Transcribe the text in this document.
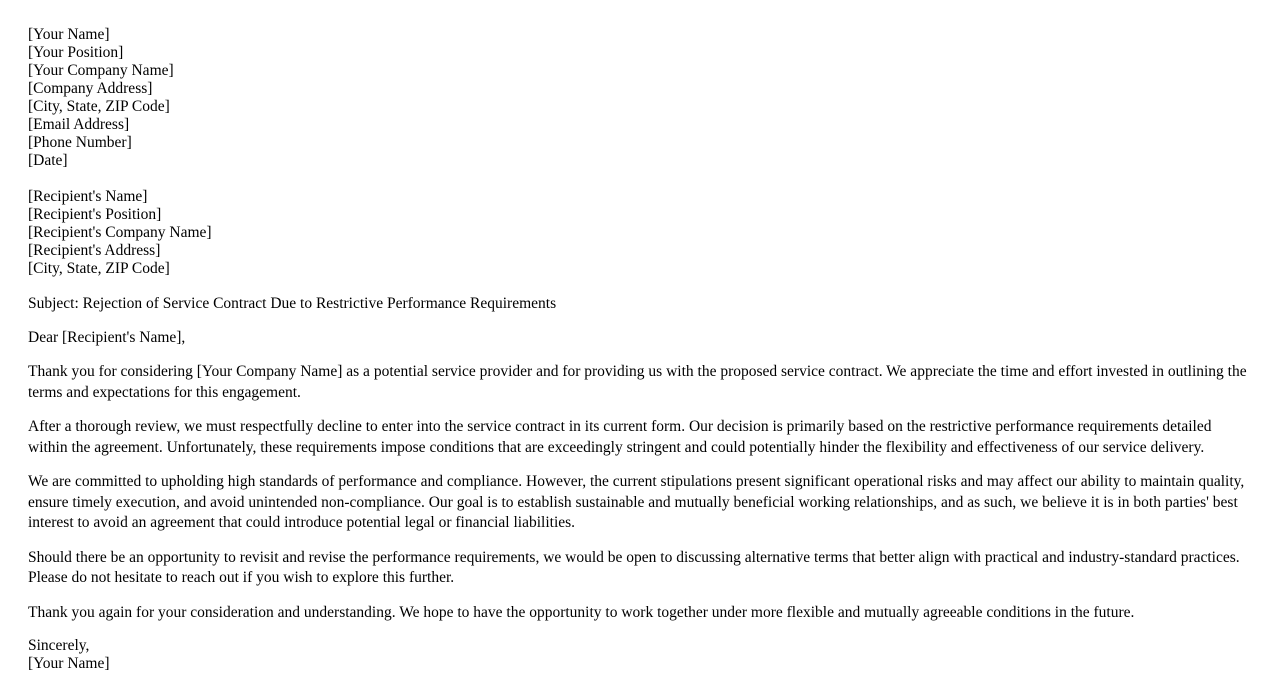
[Your Name]
[Your Position]
[Your Company Name]
[Company Address]
[City, State, ZIP Code]
[Email Address]
[Phone Number]
[Date]
[Recipient's Name]
[Recipient's Position]
[Recipient's Company Name]
[Recipient's Address]
[City, State, ZIP Code]

Subject: Rejection of Service Contract Due to Restrictive Performance Requirements

Dear [Recipient's Name],

Thank you for considering [Your Company Name] as a potential service provider and for providing us with the proposed service contract. We appreciate the time and effort invested in outlining the terms and expectations for this engagement.

After a thorough review, we must respectfully decline to enter into the service contract in its current form. Our decision is primarily based on the restrictive performance requirements detailed within the agreement. Unfortunately, these requirements impose conditions that are exceedingly stringent and could potentially hinder the flexibility and effectiveness of our service delivery.

We are committed to upholding high standards of performance and compliance. However, the current stipulations present significant operational risks and may affect our ability to maintain quality, ensure timely execution, and avoid unintended non-compliance. Our goal is to establish sustainable and mutually beneficial working relationships, and as such, we believe it is in both parties' best interest to avoid an agreement that could introduce potential legal or financial liabilities.

Should there be an opportunity to revisit and revise the performance requirements, we would be open to discussing alternative terms that better align with practical and industry-standard practices. Please do not hesitate to reach out if you wish to explore this further.

Thank you again for your consideration and understanding. We hope to have the opportunity to work together under more flexible and mutually agreeable conditions in the future.

Sincerely,
[Your Name]
